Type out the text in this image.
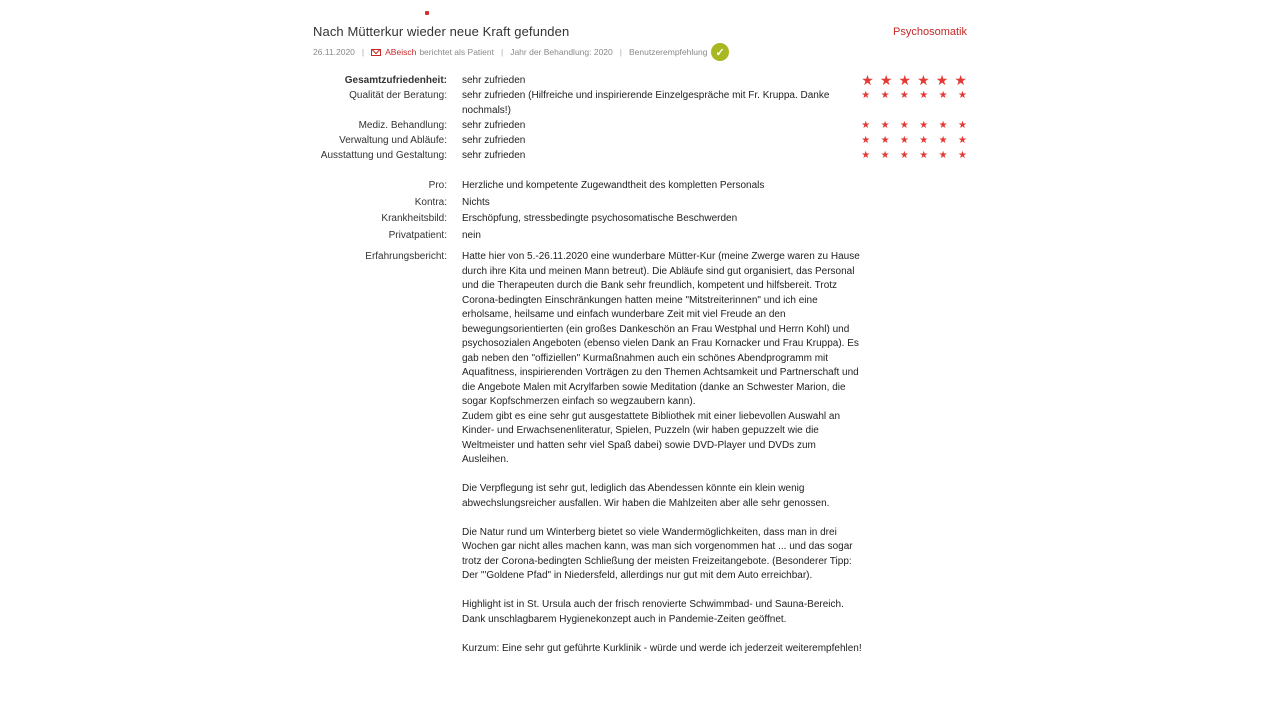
Nach Mütterkur wieder neue Kraft gefunden	Psychosomatik
26.11.2020 | ABeisch berichtet als Patient | Jahr der Behandlung: 2020 | Benutzerempfehlung ✓
Gesamtzufriedenheit: sehr zufrieden	★ ★ ★ ★ ★ ★
Qualität der Beratung: sehr zufrieden (Hilfreiche und inspirierende Einzelgespräche mit Fr. Kruppa. Danke nochmals!)
★ ★ ★ ★ ★ ★
Mediz. Behandlung: sehr zufrieden	★ ★ ★ ★ ★ ★
Verwaltung und Abläufe: sehr zufrieden	★ ★ ★ ★ ★ ★
Ausstattung und Gestaltung: sehr zufrieden	★ ★ ★ ★ ★ ★
Pro: Herzliche und kompetente Zugewandtheit des kompletten Personals
Kontra: Nichts
Krankheitsbild: Erschöpfung, stressbedingte psychosomatische Beschwerden
Privatpatient: nein
Erfahrungsbericht: Hatte hier von 5.-26.11.2020 eine wunderbare Mütter-Kur (meine Zwerge waren zu Hause durch ihre Kita und meinen Mann betreut). Die Abläufe sind gut organisiert, das Personal und die Therapeuten durch die Bank sehr freundlich, kompetent und hilfsbereit. Trotz Corona-bedingten Einschränkungen hatten meine "Mitstreiterinnen" und ich eine erholsame, heilsame und einfach wunderbare Zeit mit viel Freude an den bewegungsorientierten (ein großes Dankeschön an Frau Westphal und Herrn Kohl) und psychosozialen Angeboten (ebenso vielen Dank an Frau Kornacker und Frau Kruppa). Es gab neben den "offiziellen" Kurmaßnahmen auch ein schönes Abendprogramm mit Aquafitness, inspirierenden Vorträgen zu den Themen Achtsamkeit und Partnerschaft und die Angebote Malen mit Acrylfarben sowie Meditation (danke an Schwester Marion, die sogar Kopfschmerzen einfach so wegzaubern kann).
Zudem gibt es eine sehr gut ausgestattete Bibliothek mit einer liebevollen Auswahl an Kinder- und Erwachsenenliteratur, Spielen, Puzzeln (wir haben gepuzzelt wie die Weltmeister und hatten sehr viel Spaß dabei) sowie DVD-Player und DVDs zum Ausleihen.

Die Verpflegung ist sehr gut, lediglich das Abendessen könnte ein klein wenig abwechslungsreicher ausfallen. Wir haben die Mahlzeiten aber alle sehr genossen.

Die Natur rund um Winterberg bietet so viele Wandermöglichkeiten, dass man in drei Wochen gar nicht alles machen kann, was man sich vorgenommen hat ... und das sogar trotz der Corona-bedingten Schließung der meisten Freizeitangebote. (Besonderer Tipp: Der "'Goldene Pfad" in Niedersfeld, allerdings nur gut mit dem Auto erreichbar).

Highlight ist in St. Ursula auch der frisch renovierte Schwimmbad- und Sauna-Bereich. Dank unschlagbarem Hygienekonzept auch in Pandemie-Zeiten geöffnet.

Kurzum: Eine sehr gut geführte Kurklinik - würde und werde ich jederzeit weiterempfehlen!
